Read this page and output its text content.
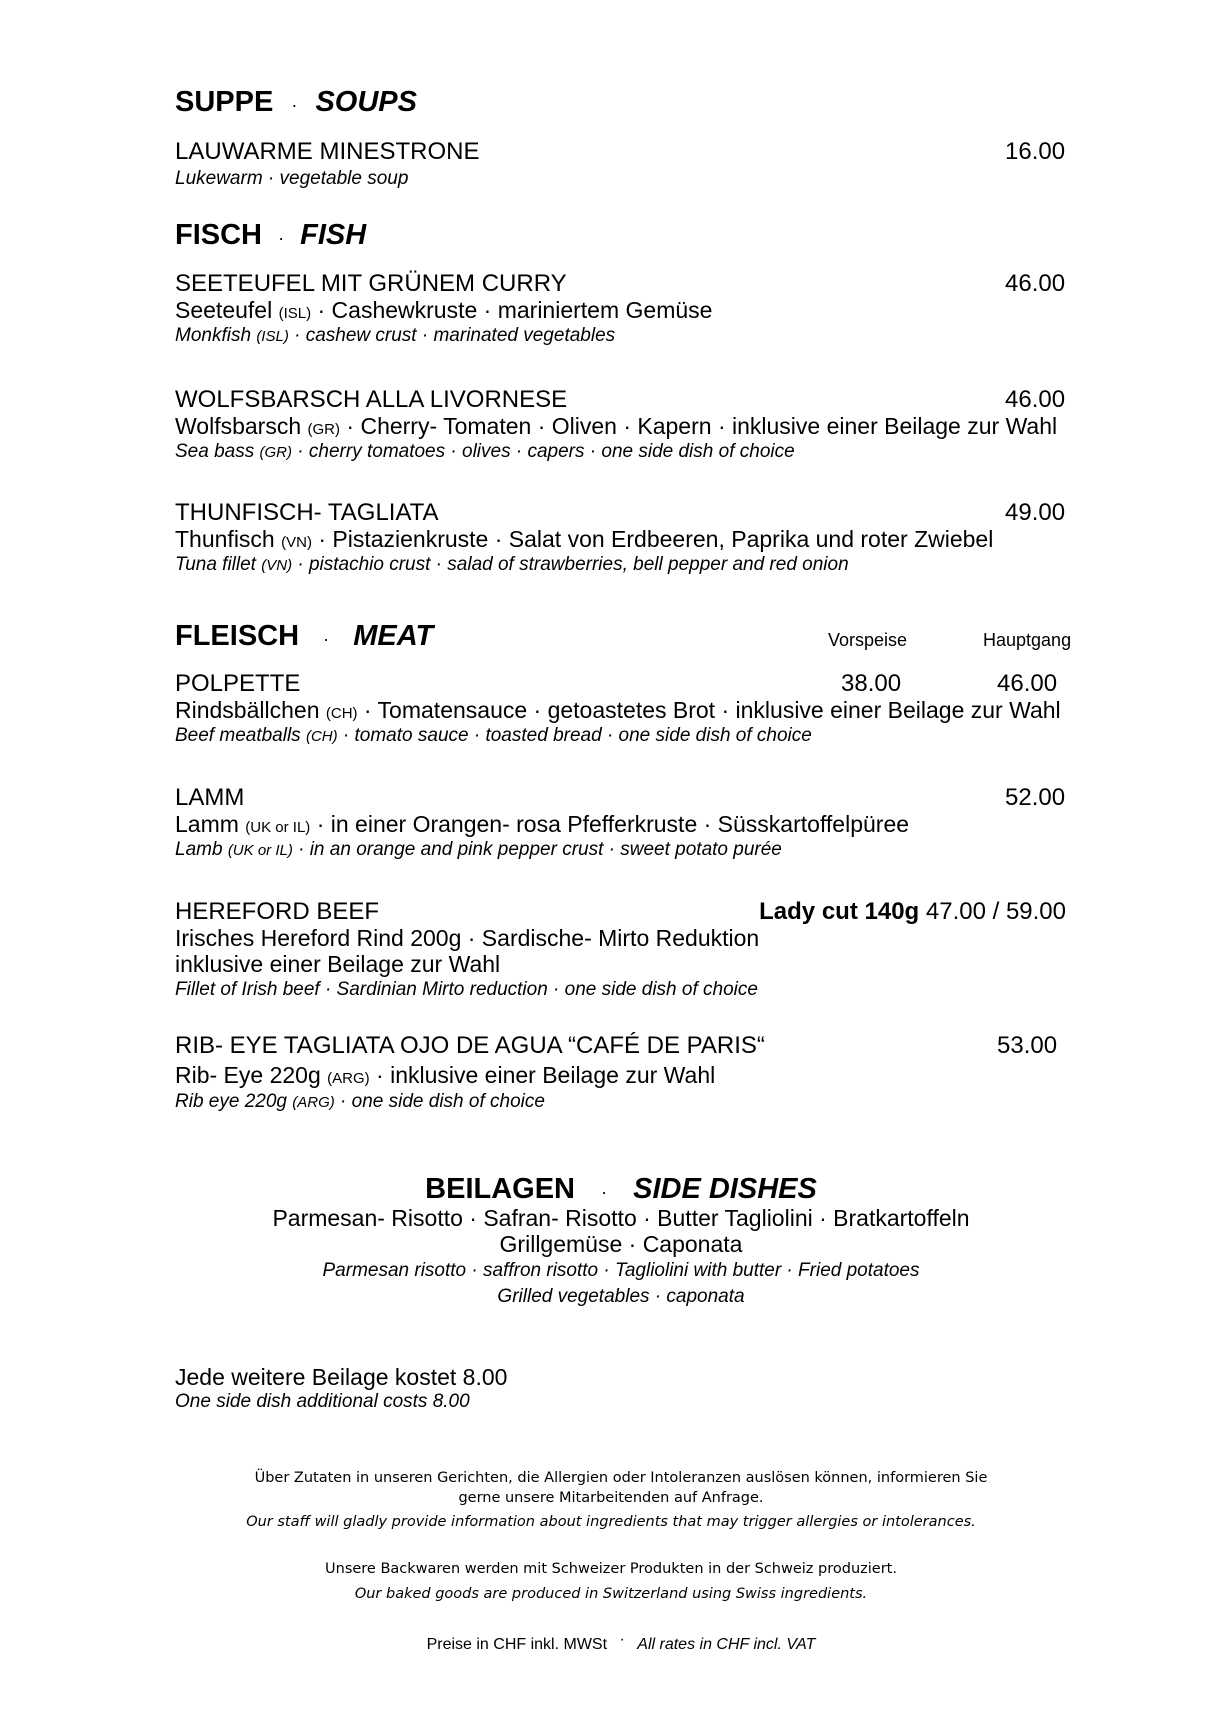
SUPPE · SOUPS
LAUWARME MINESTRONE	16.00
Lukewarm · vegetable soup
FISCH · FISH
SEETEUFEL MIT GRÜNEM CURRY	46.00
Seeteufel (ISL) · Cashewkruste · mariniertem Gemüse
Monkfish (ISL) · cashew crust · marinated vegetables
WOLFSBARSCH ALLA LIVORNESE	46.00
Wolfsbarsch (GR) · Cherry- Tomaten · Oliven · Kapern · inklusive einer Beilage zur Wahl
Sea bass (GR) · cherry tomatoes · olives · capers · one side dish of choice
THUNFISCH- TAGLIATA	49.00
Thunfisch (VN) · Pistazienkruste · Salat von Erdbeeren, Paprika und roter Zwiebel
Tuna fillet (VN) · pistachio crust · salad of strawberries, bell pepper and red onion
FLEISCH · MEAT	Vorspeise	Hauptgang
POLPETTE	38.00	46.00
Rindsbällchen (CH) · Tomatensauce · getoastetes Brot · inklusive einer Beilage zur Wahl
Beef meatballs (CH) · tomato sauce · toasted bread · one side dish of choice
LAMM	52.00
Lamm (UK or IL) · in einer Orangen- rosa Pfefferkruste · Süsskartoffelpüree
Lamb (UK or IL) · in an orange and pink pepper crust · sweet potato purée
HEREFORD BEEF	Lady cut 140g 47.00 / 59.00
Irisches Hereford Rind 200g · Sardische- Mirto Reduktion
inklusive einer Beilage zur Wahl
Fillet of Irish beef · Sardinian Mirto reduction · one side dish of choice
RIB- EYE TAGLIATA OJO DE AGUA “CAFÉ DE PARIS“	53.00
Rib- Eye 220g (ARG) · inklusive einer Beilage zur Wahl
Rib eye 220g (ARG) · one side dish of choice
BEILAGEN · SIDE DISHES
Parmesan- Risotto · Safran- Risotto · Butter Tagliolini · Bratkartoffeln
Grillgemüse · Caponata
Parmesan risotto · saffron risotto · Tagliolini with butter · Fried potatoes
Grilled vegetables · caponata
Jede weitere Beilage kostet 8.00
One side dish additional costs 8.00
Über Zutaten in unseren Gerichten, die Allergien oder Intoleranzen auslösen können, informieren Sie
gerne unsere Mitarbeitenden auf Anfrage.
Our staff will gladly provide information about ingredients that may trigger allergies or intolerances.
Unsere Backwaren werden mit Schweizer Produkten in der Schweiz produziert.
Our baked goods are produced in Switzerland using Swiss ingredients.
Preise in CHF inkl. MWSt · All rates in CHF incl. VAT
